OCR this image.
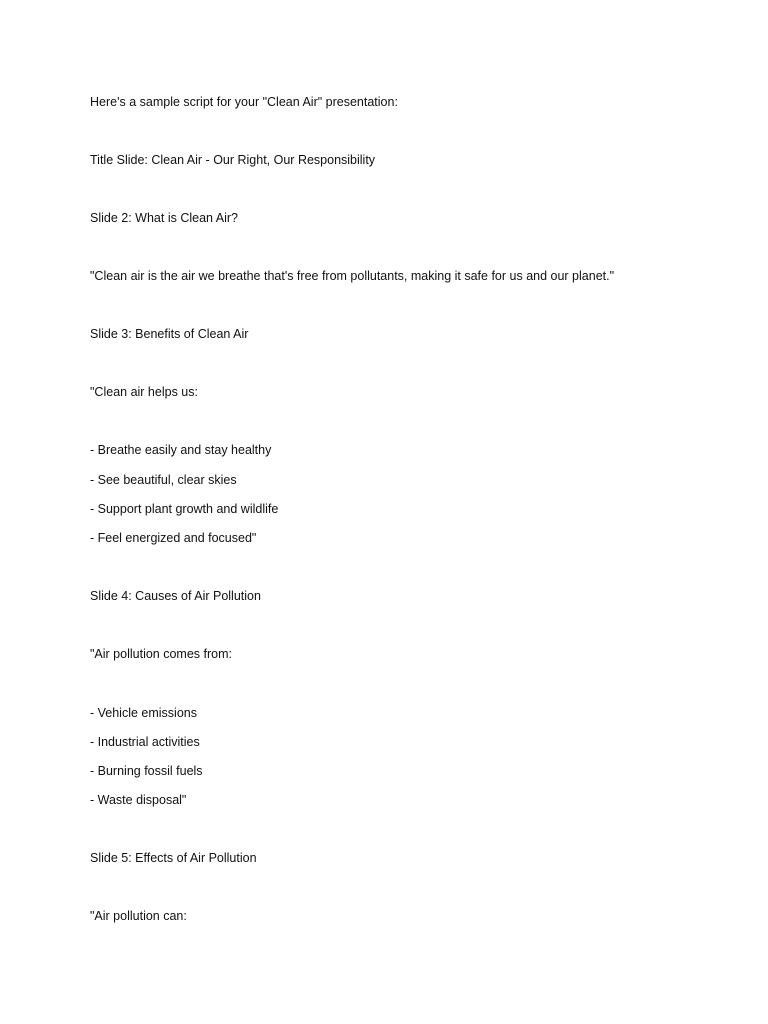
Here's a sample script for your "Clean Air" presentation:
Title Slide: Clean Air - Our Right, Our Responsibility
Slide 2: What is Clean Air?
"Clean air is the air we breathe that's free from pollutants, making it safe for us and our planet."
Slide 3: Benefits of Clean Air
"Clean air helps us:
- Breathe easily and stay healthy
- See beautiful, clear skies
- Support plant growth and wildlife
- Feel energized and focused"
Slide 4: Causes of Air Pollution
"Air pollution comes from:
- Vehicle emissions
- Industrial activities
- Burning fossil fuels
- Waste disposal"
Slide 5: Effects of Air Pollution
"Air pollution can:
